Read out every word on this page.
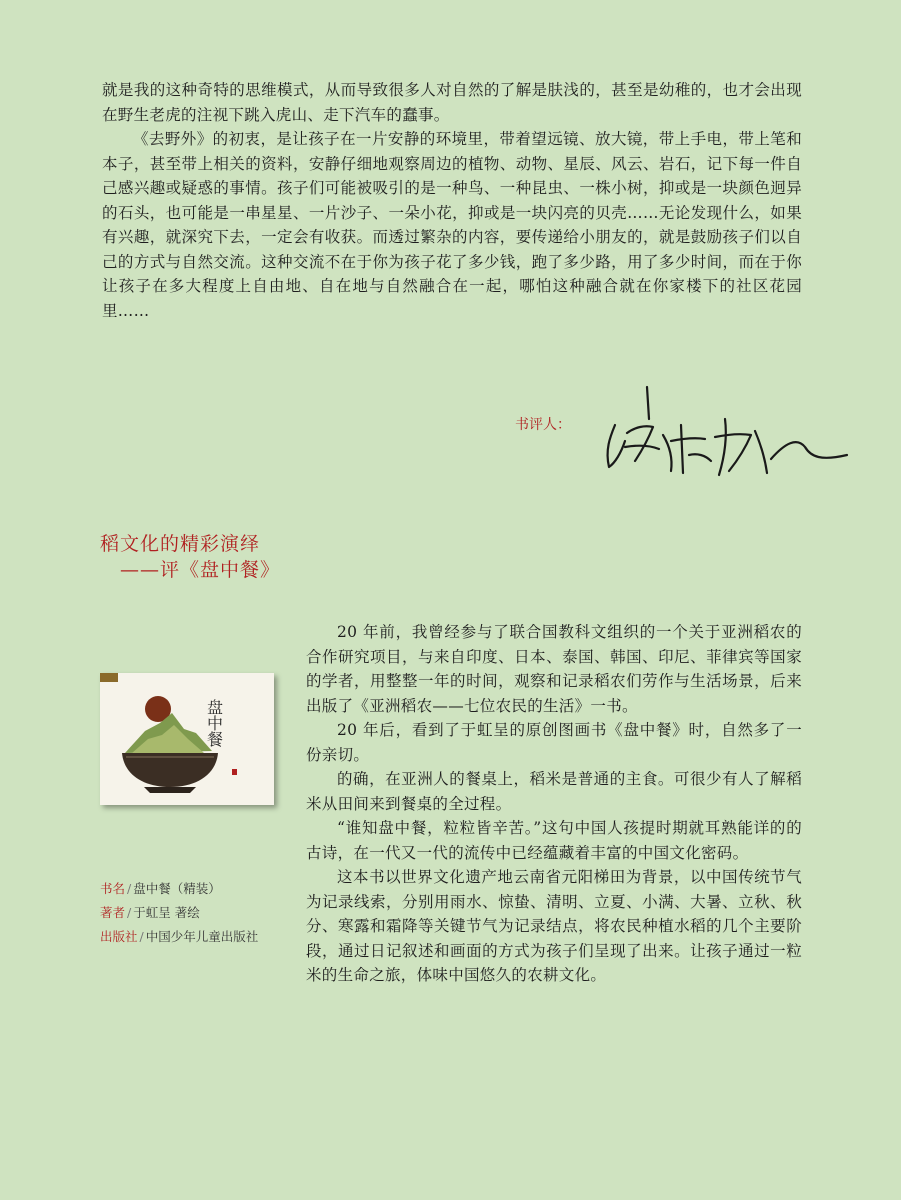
就是我的这种奇特的思维模式，从而导致很多人对自然的了解是肤浅的，甚至是幼稚的，也才会出现在野生老虎的注视下跳入虎山、走下汽车的蠢事。

《去野外》的初衷，是让孩子在一片安静的环境里，带着望远镜、放大镜，带上手电，带上笔和本子，甚至带上相关的资料，安静仔细地观察周边的植物、动物、星辰、风云、岩石，记下每一件自己感兴趣或疑惑的事情。孩子们可能被吸引的是一种鸟、一种昆虫、一株小树，抑或是一块颜色迥异的石头，也可能是一串星星、一片沙子、一朵小花，抑或是一块闪亮的贝壳……无论发现什么，如果有兴趣，就深究下去，一定会有收获。而透过繁杂的内容，要传递给小朋友的，就是鼓励孩子们以自己的方式与自然交流。这种交流不在于你为孩子花了多少钱，跑了多少路，用了多少时间，而在于你让孩子在多大程度上自由地、自在地与自然融合在一起，哪怕这种融合就在你家楼下的社区花园里……

书评人：
稻文化的精彩演绎
——评《盘中餐》
盘中餐
书名 / 盘中餐（精装）
著者 / 于虹呈 著绘
出版社 / 中国少年儿童出版社

20 年前，我曾经参与了联合国教科文组织的一个关于亚洲稻农的合作研究项目，与来自印度、日本、泰国、韩国、印尼、菲律宾等国家的学者，用整整一年的时间，观察和记录稻农们劳作与生活场景，后来出版了《亚洲稻农——七位农民的生活》一书。

20 年后，看到了于虹呈的原创图画书《盘中餐》时，自然多了一份亲切。

的确，在亚洲人的餐桌上，稻米是普通的主食。可很少有人了解稻米从田间来到餐桌的全过程。

“谁知盘中餐，粒粒皆辛苦。”这句中国人孩提时期就耳熟能详的的古诗，在一代又一代的流传中已经蕴藏着丰富的中国文化密码。

这本书以世界文化遗产地云南省元阳梯田为背景，以中国传统节气为记录线索，分别用雨水、惊蛰、清明、立夏、小满、大暑、立秋、秋分、寒露和霜降等关键节气为记录结点，将农民种植水稻的几个主要阶段，通过日记叙述和画面的方式为孩子们呈现了出来。让孩子通过一粒米的生命之旅，体味中国悠久的农耕文化。
